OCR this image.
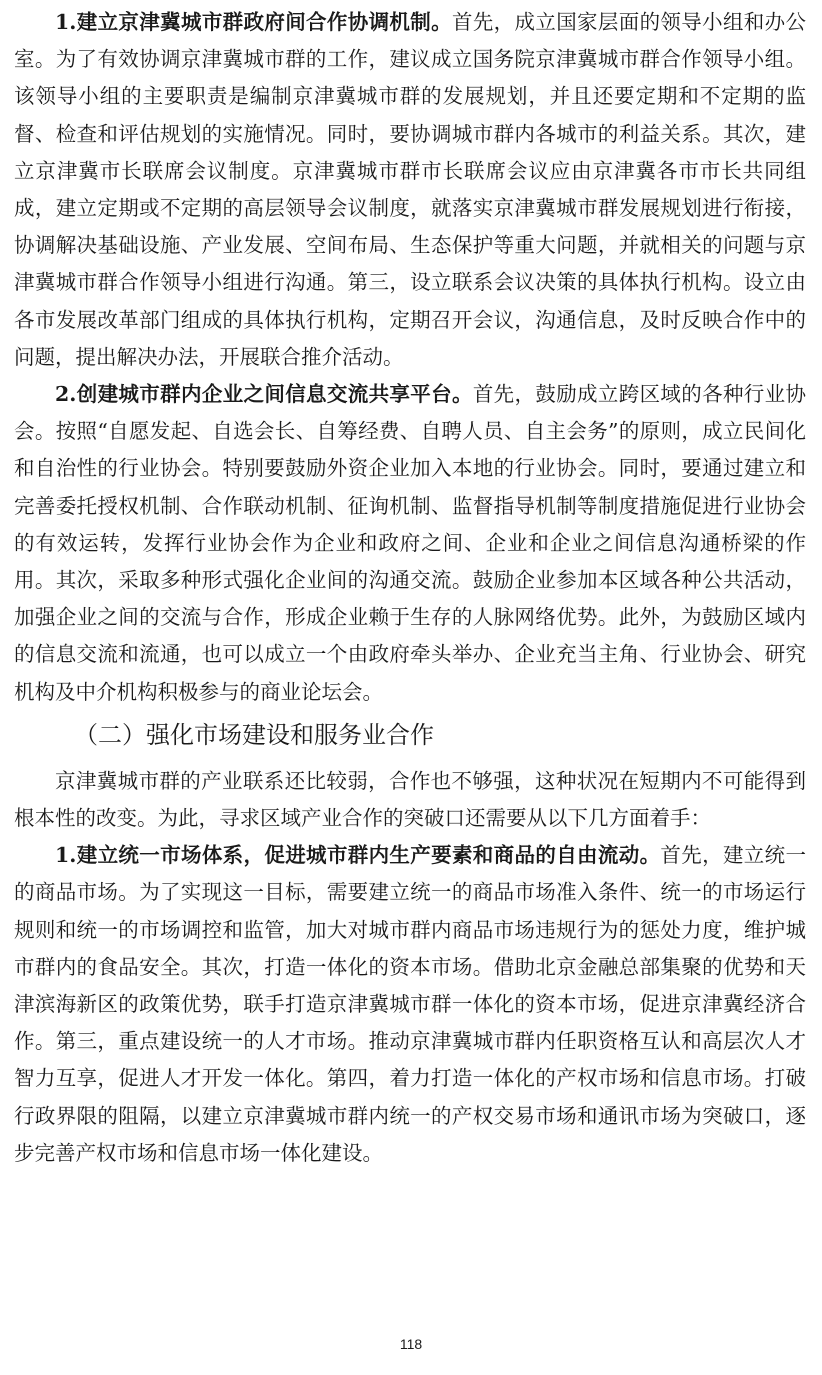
1.建立京津冀城市群政府间合作协调机制。首先，成立国家层面的领导小组和办公室。为了有效协调京津冀城市群的工作，建议成立国务院京津冀城市群合作领导小组。该领导小组的主要职责是编制京津冀城市群的发展规划，并且还要定期和不定期的监督、检查和评估规划的实施情况。同时，要协调城市群内各城市的利益关系。其次，建立京津冀市长联席会议制度。京津冀城市群市长联席会议应由京津冀各市市长共同组成，建立定期或不定期的高层领导会议制度，就落实京津冀城市群发展规划进行衔接，协调解决基础设施、产业发展、空间布局、生态保护等重大问题，并就相关的问题与京津冀城市群合作领导小组进行沟通。第三，设立联系会议决策的具体执行机构。设立由各市发展改革部门组成的具体执行机构，定期召开会议，沟通信息，及时反映合作中的问题，提出解决办法，开展联合推介活动。

2.创建城市群内企业之间信息交流共享平台。首先，鼓励成立跨区域的各种行业协会。按照“自愿发起、自选会长、自筹经费、自聘人员、自主会务”的原则，成立民间化和自治性的行业协会。特别要鼓励外资企业加入本地的行业协会。同时，要通过建立和完善委托授权机制、合作联动机制、征询机制、监督指导机制等制度措施促进行业协会的有效运转，发挥行业协会作为企业和政府之间、企业和企业之间信息沟通桥梁的作用。其次，采取多种形式强化企业间的沟通交流。鼓励企业参加本区域各种公共活动，加强企业之间的交流与合作，形成企业赖于生存的人脉网络优势。此外，为鼓励区域内的信息交流和流通，也可以成立一个由政府牵头举办、企业充当主角、行业协会、研究机构及中介机构积极参与的商业论坛会。

（二）强化市场建设和服务业合作

京津冀城市群的产业联系还比较弱，合作也不够强，这种状况在短期内不可能得到根本性的改变。为此，寻求区域产业合作的突破口还需要从以下几方面着手：

1.建立统一市场体系，促进城市群内生产要素和商品的自由流动。首先，建立统一的商品市场。为了实现这一目标，需要建立统一的商品市场准入条件、统一的市场运行规则和统一的市场调控和监管，加大对城市群内商品市场违规行为的惩处力度，维护城市群内的食品安全。其次，打造一体化的资本市场。借助北京金融总部集聚的优势和天津滨海新区的政策优势，联手打造京津冀城市群一体化的资本市场，促进京津冀经济合作。第三，重点建设统一的人才市场。推动京津冀城市群内任职资格互认和高层次人才智力互享，促进人才开发一体化。第四，着力打造一体化的产权市场和信息市场。打破行政界限的阻隔，以建立京津冀城市群内统一的产权交易市场和通讯市场为突破口，逐步完善产权市场和信息市场一体化建设。

118
